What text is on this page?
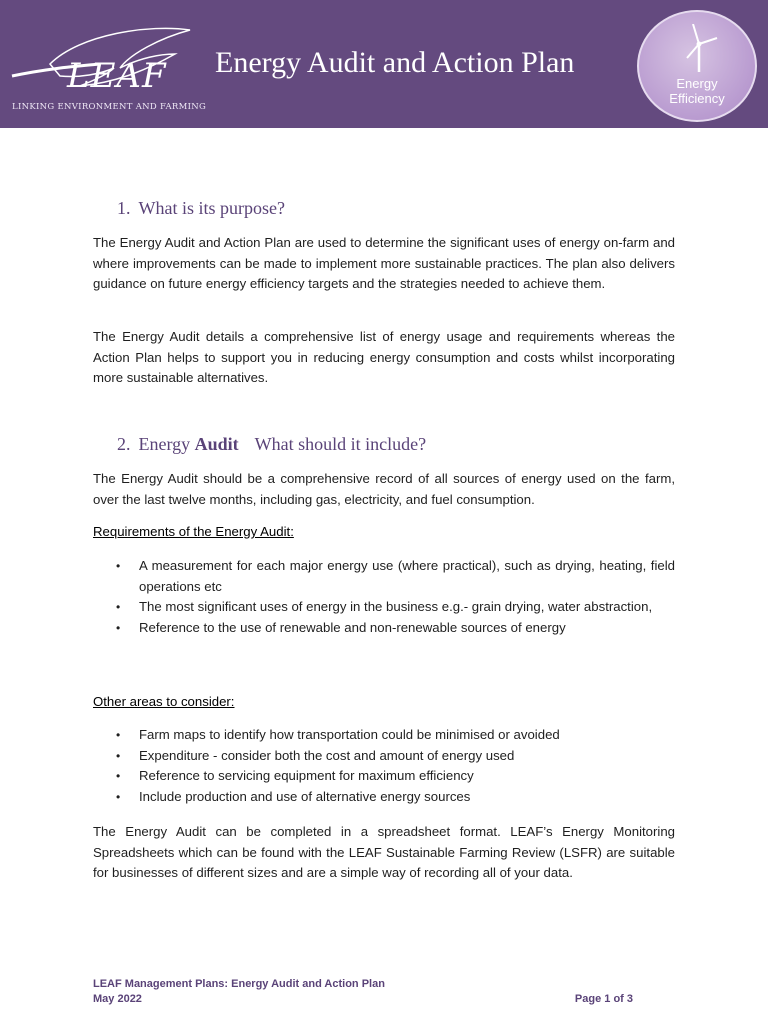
LEAF
LINKING ENVIRONMENT AND FARMING
Energy Audit and Action Plan
Energy
Efficiency
1. What is its purpose?
The Energy Audit and Action Plan are used to determine the significant uses of energy on-farm and where improvements can be made to implement more sustainable practices. The plan also delivers guidance on future energy efficiency targets and the strategies needed to achieve them.
The Energy Audit details a comprehensive list of energy usage and requirements whereas the Action Plan helps to support you in reducing energy consumption and costs whilst incorporating more sustainable alternatives.
2. Energy Audit What should it include?
The Energy Audit should be a comprehensive record of all sources of energy used on the farm, over the last twelve months, including gas, electricity, and fuel consumption.
Requirements of the Energy Audit:
• A measurement for each major energy use (where practical), such as drying, heating, field operations etc
• The most significant uses of energy in the business e.g.- grain drying, water abstraction,
• Reference to the use of renewable and non-renewable sources of energy
Other areas to consider:
• Farm maps to identify how transportation could be minimised or avoided
• Expenditure - consider both the cost and amount of energy used
• Reference to servicing equipment for maximum efficiency
• Include production and use of alternative energy sources
The Energy Audit can be completed in a spreadsheet format. LEAF’s Energy Monitoring Spreadsheets which can be found with the LEAF Sustainable Farming Review (LSFR) are suitable for businesses of different sizes and are a simple way of recording all of your data.
LEAF Management Plans: Energy Audit and Action Plan
May 2022	Page 1 of 3
